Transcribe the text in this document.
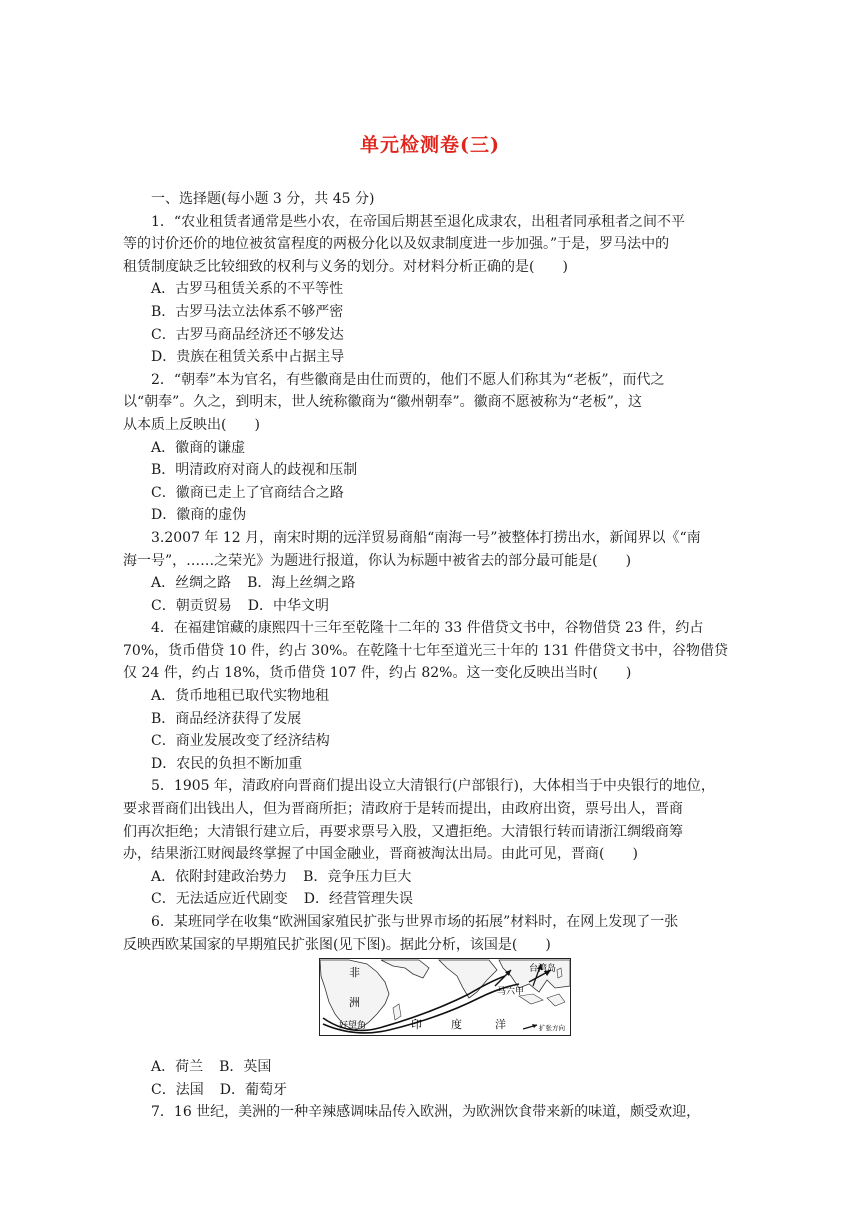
单元检测卷(三)
一、选择题(每小题 3 分，共 45 分)
1．“农业租赁者通常是些小农，在帝国后期甚至退化成隶农，出租者同承租者之间不平
等的讨价还价的地位被贫富程度的两极分化以及奴隶制度进一步加强。”于是，罗马法中的
租赁制度缺乏比较细致的权利与义务的划分。对材料分析正确的是(　　)
A．古罗马租赁关系的不平等性
B．古罗马法立法体系不够严密
C．古罗马商品经济还不够发达
D．贵族在租赁关系中占据主导
2．“朝奉”本为官名，有些徽商是由仕而贾的，他们不愿人们称其为“老板”，而代之
以“朝奉”。久之，到明末，世人统称徽商为“徽州朝奉”。徽商不愿被称为“老板”，这
从本质上反映出(　　)
A．徽商的谦虚
B．明清政府对商人的歧视和压制
C．徽商已走上了官商结合之路
D．徽商的虚伪
3.2007 年 12 月，南宋时期的远洋贸易商船“南海一号”被整体打捞出水，新闻界以《“南
海一号”，……之荣光》为题进行报道，你认为标题中被省去的部分最可能是(　　)
A．丝绸之路 B．海上丝绸之路
C．朝贡贸易 D．中华文明
4．在福建馆藏的康熙四十三年至乾隆十二年的 33 件借贷文书中，谷物借贷 23 件，约占
70%，货币借贷 10 件，约占 30%。在乾隆十七年至道光三十年的 131 件借贷文书中，谷物借贷
仅 24 件，约占 18%，货币借贷 107 件，约占 82%。这一变化反映出当时(　　)
A．货币地租已取代实物地租
B．商品经济获得了发展
C．商业发展改变了经济结构
D．农民的负担不断加重
5．1905 年，清政府向晋商们提出设立大清银行(户部银行)，大体相当于中央银行的地位，
要求晋商们出钱出人，但为晋商所拒；清政府于是转而提出，由政府出资，票号出人，晋商
们再次拒绝；大清银行建立后，再要求票号入股，又遭拒绝。大清银行转而请浙江绸缎商筹
办，结果浙江财阀最终掌握了中国金融业，晋商被淘汰出局。由此可见，晋商(　　)
A．依附封建政治势力 B．竞争压力巨大
C．无法适应近代剧变 D．经营管理失误
6．某班同学在收集“欧洲国家殖民扩张与世界市场的拓展”材料时，在网上发现了一张
反映西欧某国家的早期殖民扩张图(见下图)。据此分析，该国是(　　)
非
洲
好望角	印	度	洋
马六甲
台湾岛
扩张方向
A．荷兰 B．英国
C．法国 D．葡萄牙
7．16 世纪，美洲的一种辛辣感调味品传入欧洲，为欧洲饮食带来新的味道，颇受欢迎，
